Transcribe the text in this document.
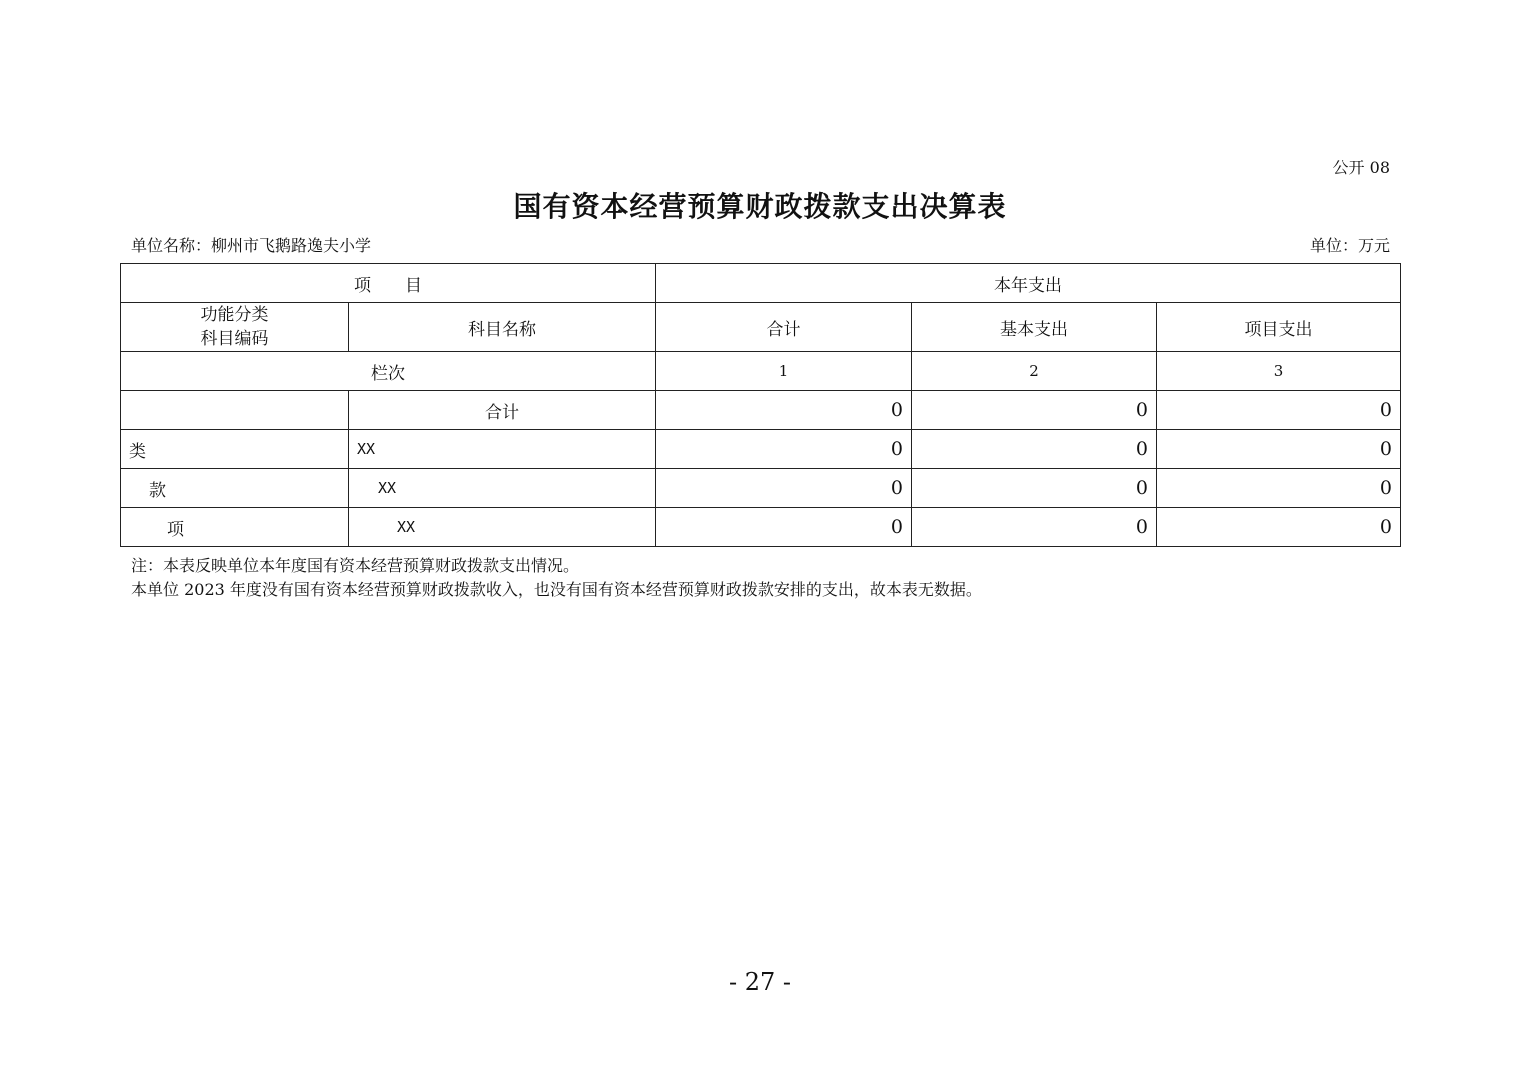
公开 08
国有资本经营预算财政拨款支出决算表
单位名称：柳州市飞鹅路逸夫小学	单位：万元
项　　目		本年支出		

功能分类
科目编码	科目名称	合计	基本支出	项目支出
栏次		1	2	3
	合计	0	0	0
类	XX	0	0	0
款	XX	0	0	0
项	XX	0	0	0
注：本表反映单位本年度国有资本经营预算财政拨款支出情况。
本单位 2023 年度没有国有资本经营预算财政拨款收入，也没有国有资本经营预算财政拨款安排的支出，故本表无数据。
- 27 -
